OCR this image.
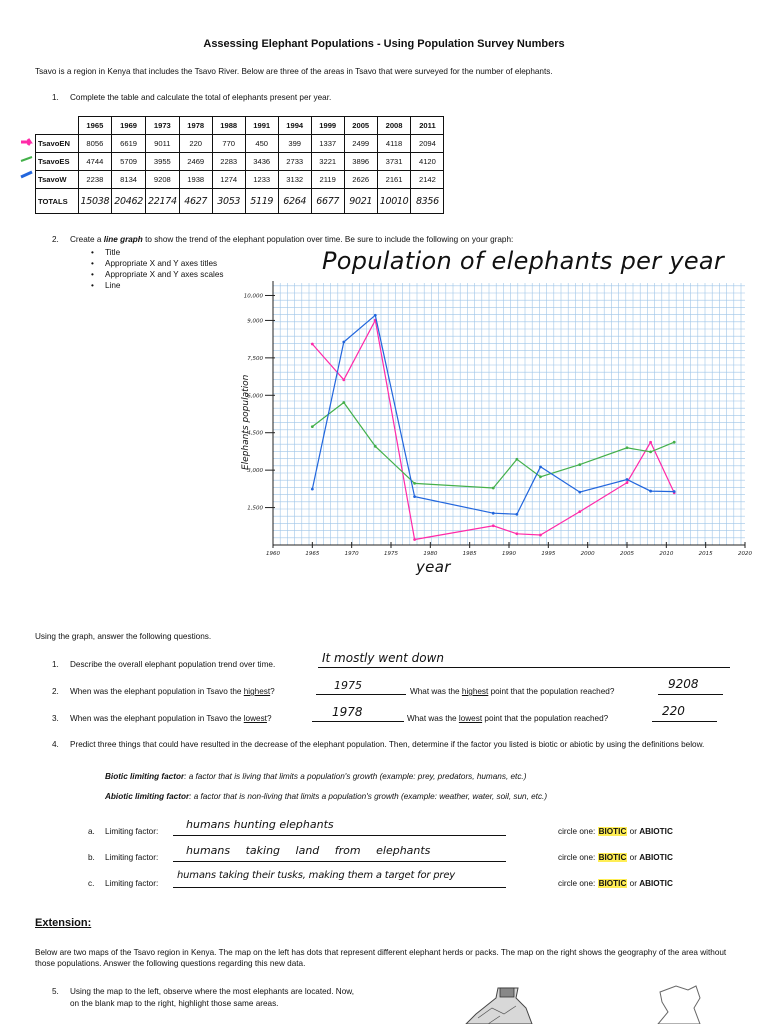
Assessing Elephant Populations - Using Population Survey Numbers
Tsavo is a region in Kenya that includes the Tsavo River. Below are three of the areas in Tsavo that were surveyed for the number of elephants.
1. Complete the table and calculate the total of elephants present per year.
	1965	1969	1973	1978	1988	1991	1994	1999	2005	2008	2011
TsavoEN	8056	6619	9011	220	770	450	399	1337	2499	4118	2094
TsavoES	4744	5709	3955	2469	2283	3436	2733	3221	3896	3731	4120
TsavoW	2238	8134	9208	1938	1274	1233	3132	2119	2626	2161	2142
TOTALS	15038	20462	22174	4627	3053	5119	6264	6677	9021	10010	8356
2. Create a line graph to show the trend of the elephant population over time. Be sure to include the following on your graph:
• Title
• Appropriate X and Y axes titles
• Appropriate X and Y axes scales
• Line
Population of elephants per year
10,000
9,000
7,500
6,000
4,500
3,000
1,500
1960	1965	1970	1975	1980	1985	1990	1995	2000	2005	2010	2015	2020
Elephants population
year
Using the graph, answer the following questions.
1. Describe the overall elephant population trend over time.	It mostly went down
2. When was the elephant population in Tsavo the highest?	1975	What was the highest point that the population reached?
9208
3. When was the elephant population in Tsavo the lowest?	1978	What was the lowest point that the population reached?
220
4. Predict three things that could have resulted in the decrease of the elephant population. Then, determine if the factor you listed is biotic or abiotic by using the definitions below.
Biotic limiting factor: a factor that is living that limits a population's growth (example: prey, predators, humans, etc.)
Abiotic limiting factor: a factor that is non-living that limits a population's growth (example: weather, water, soil, sun, etc.)
a. Limiting factor:
humans hunting elephants
circle one: BIOTIC or ABIOTIC
b. Limiting factor:
humans taking land from elephants
circle one: BIOTIC or ABIOTIC
c. Limiting factor:
humans taking their tusks, making them a target for prey
circle one: BIOTIC or ABIOTIC
Extension:
Below are two maps of the Tsavo region in Kenya. The map on the left has dots that represent different elephant herds or packs. The map on the right shows the geography of the area without those populations. Answer the following questions regarding this new data.
5. Using the map to the left, observe where the most elephants are located. Now,
on the blank map to the right, highlight those same areas.
